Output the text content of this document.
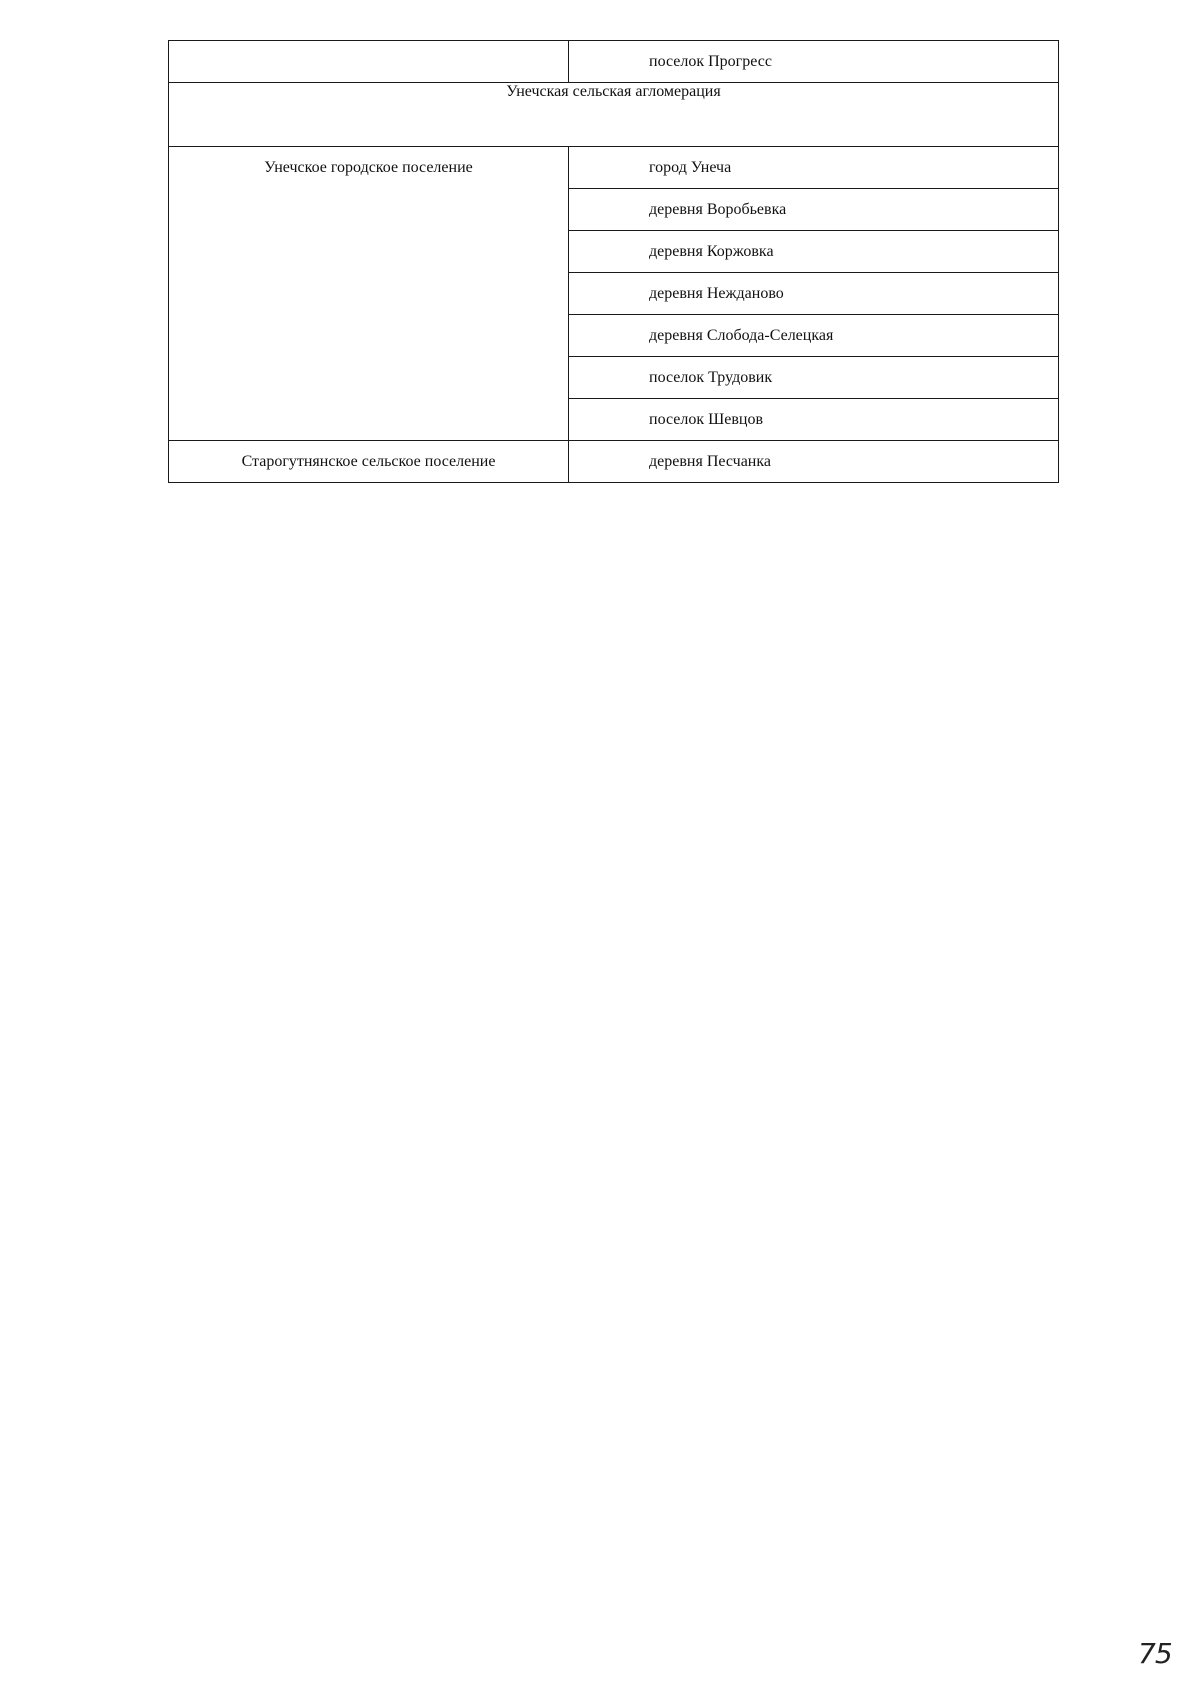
	поселок Прогресс
Унечская сельская агломерация	
Унечское городское поселение	город Унеча
	деревня Воробьевка
	деревня Коржовка
	деревня Нежданово
	деревня Слобода-Селецкая
	поселок Трудовик
	поселок Шевцов
Старогутнянское сельское поселение	деревня Песчанка
75
